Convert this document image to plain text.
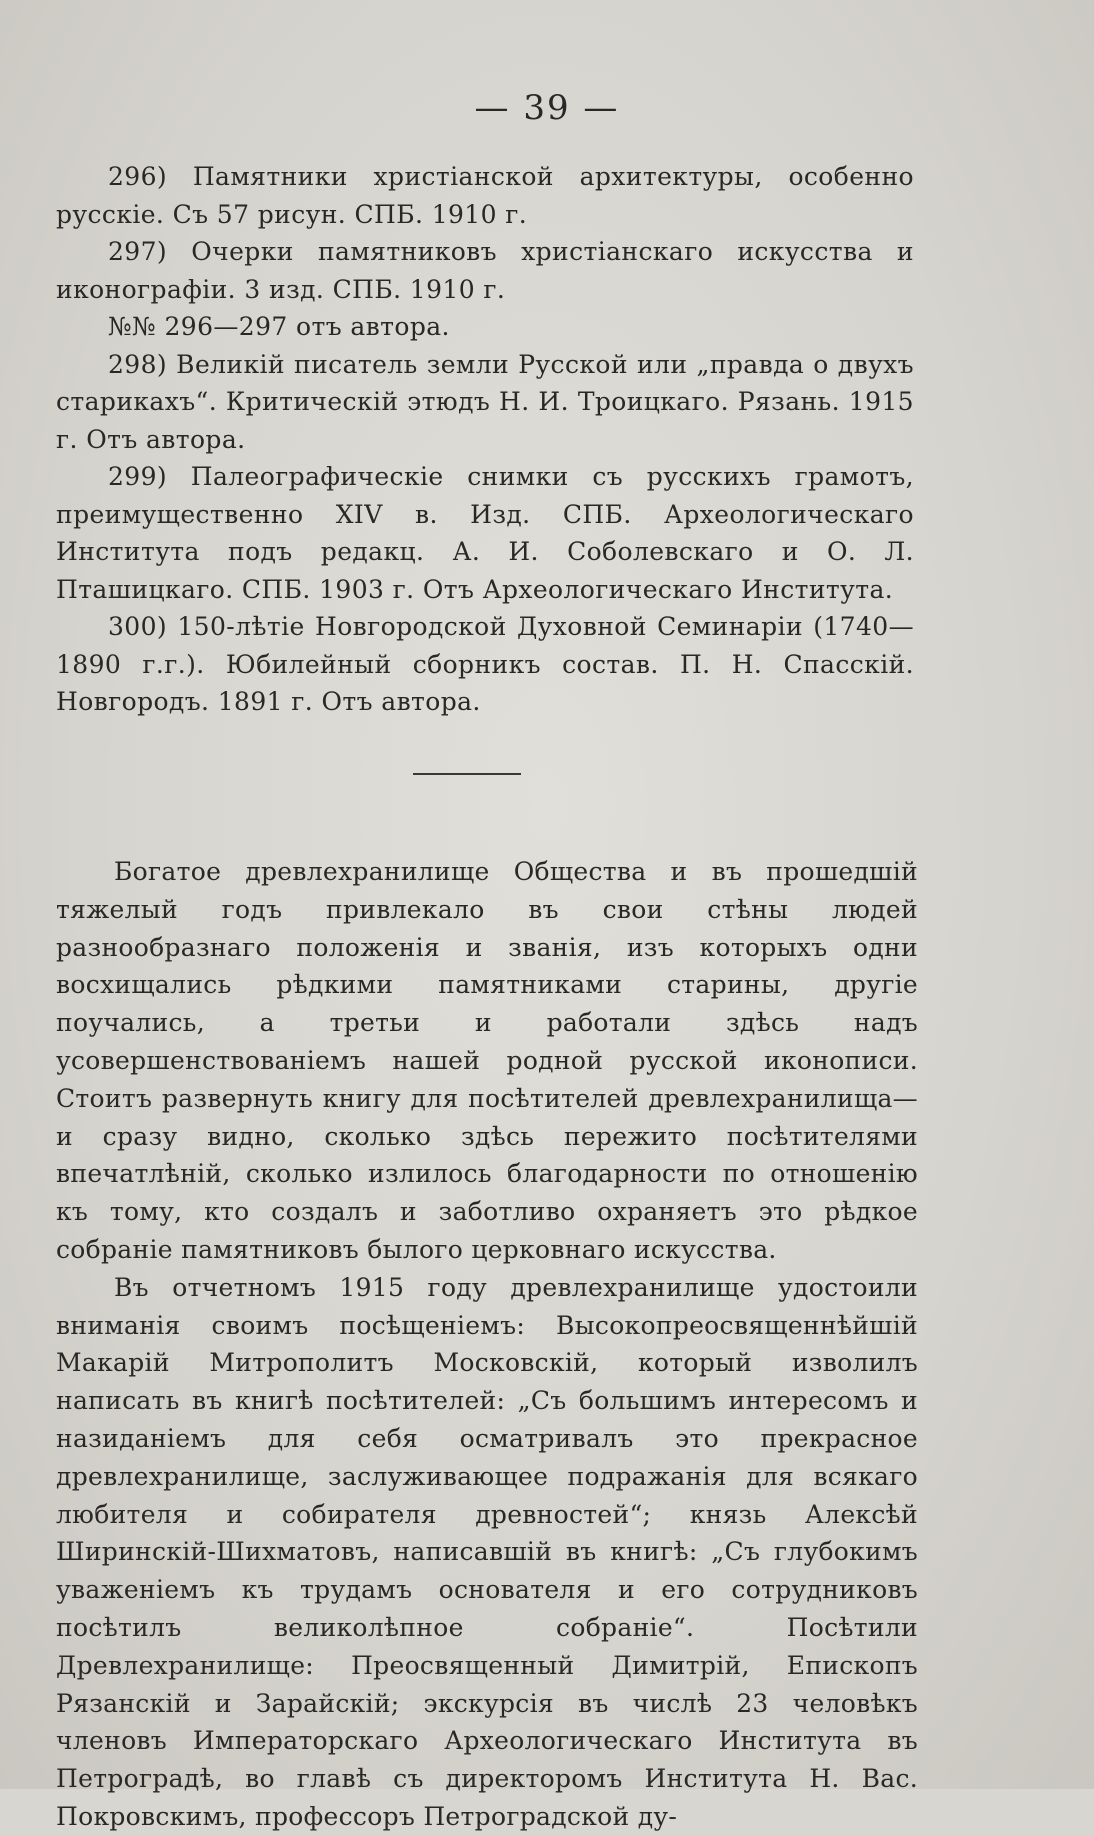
— 39 —

296) Памятники христіанской архитектуры, особенно русскіе. Съ 57 рисун. СПБ. 1910 г.

297) Очерки памятниковъ христіанскаго искусства и иконографіи. 3 изд. СПБ. 1910 г.

№№ 296—297 отъ автора.

298) Великій писатель земли Русской или „правда о двухъ старикахъ“. Критическій этюдъ Н. И. Троицкаго. Рязань. 1915 г. Отъ автора.

299) Палеографическіе снимки съ русскихъ грамотъ, преимущественно XIV в. Изд. СПБ. Археологическаго Института подъ редакц. А. И. Соболевскаго и О. Л. Пташицкаго. СПБ. 1903 г. Отъ Археологическаго Института.

300) 150-лѣтіе Новгородской Духовной Семинаріи (1740—1890 г.г.). Юбилейный сборникъ состав. П. Н. Спасскій. Новгородъ. 1891 г. Отъ автора.

Богатое древлехранилище Общества и въ прошедшій тяжелый годъ привлекало въ свои стѣны людей разнообразнаго положенія и званія, изъ которыхъ одни восхищались рѣдкими памятниками старины, другіе поучались, а третьи и работали здѣсь надъ усовершенствованіемъ нашей родной русской иконописи. Стоитъ развернуть книгу для посѣтителей древлехранилища—и сразу видно, сколько здѣсь пережито посѣтителями впечатлѣній, сколько излилось благодарности по отношенію къ тому, кто создалъ и заботливо охраняетъ это рѣдкое собраніе памятниковъ былого церковнаго искусства.

Въ отчетномъ 1915 году древлехранилище удостоили вниманія своимъ посѣщеніемъ: Высокопреосвященнѣйшій Макарій Митрополитъ Московскій, который изволилъ написать въ книгѣ посѣтителей: „Съ большимъ интересомъ и назиданіемъ для себя осматривалъ это прекрасное древлехранилище, заслуживающее подражанія для всякаго любителя и собирателя древностей“; князь Алексѣй Ширинскій-Шихматовъ, написавшій въ книгѣ: „Съ глубокимъ уваженіемъ къ трудамъ основателя и его сотрудниковъ посѣтилъ великолѣпное собраніе“. Посѣтили Древлехранилище: Преосвященный Димитрій, Епископъ Рязанскій и Зарайскій; экскурсія въ числѣ 23 человѣкъ членовъ Императорскаго Археологическаго Института въ Петроградѣ, во главѣ съ директоромъ Института Н. Вас. Покровскимъ, профессоръ Петроградской ду-
